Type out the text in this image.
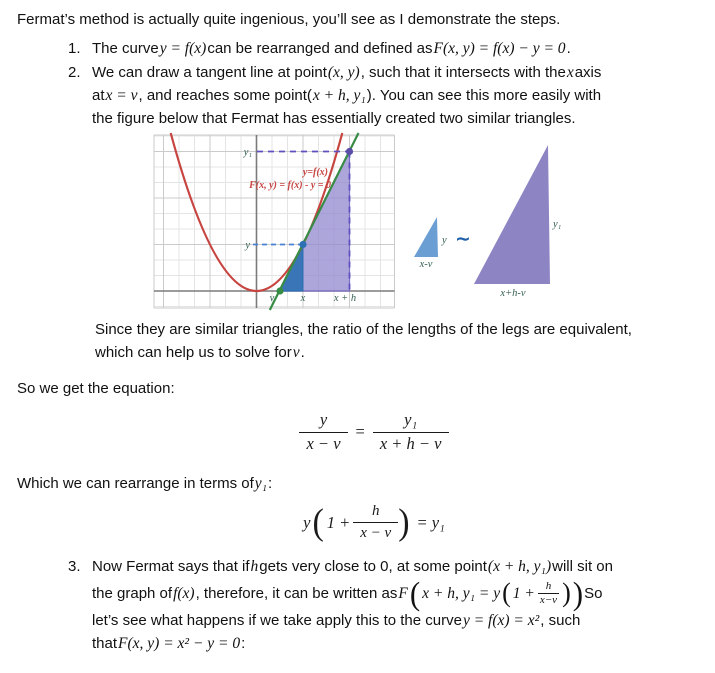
Fermat’s method is actually quite ingenious, you’ll see as I demonstrate the steps.

1. The curve y = f(x) can be rearranged and defined as F(x, y) = f(x) − y = 0 .
2. We can draw a tangent line at point (x, y) , such that it intersects with the x axis
at x = v , and reaches some point( x + h, y₁ ). You can see this more easily with
the figure below that Fermat has essentially created two similar triangles.
y₁
y
v	x	x + h
y=f(x)
F(x, y) = f(x) - y = 0
x-v
y ∼
y₁
x+h-v
Since they are similar triangles, the ratio of the lengths of the legs are equivalent,
which can help us to solve for v .

So we get the equation:

$\frac{y}{x - v} = \frac{\text{y₁}}{x + h - v}$

Which we can rearrange in terms of y₁ :

y ( $1 + \frac{h}{x - v}$ ) = y₁
3. Now Fermat says that if h gets very close to 0, at some point (x + h, y₁) will sit on
the graph of f(x) , therefore, it can be written as F ( x + h, y₁ = y ( $1 + \frac{h}{x-v}$ ) ) So
let’s see what happens if we take apply this to the curve y = f(x) = x² , such
that F(x, y) = x² − y = 0 :
